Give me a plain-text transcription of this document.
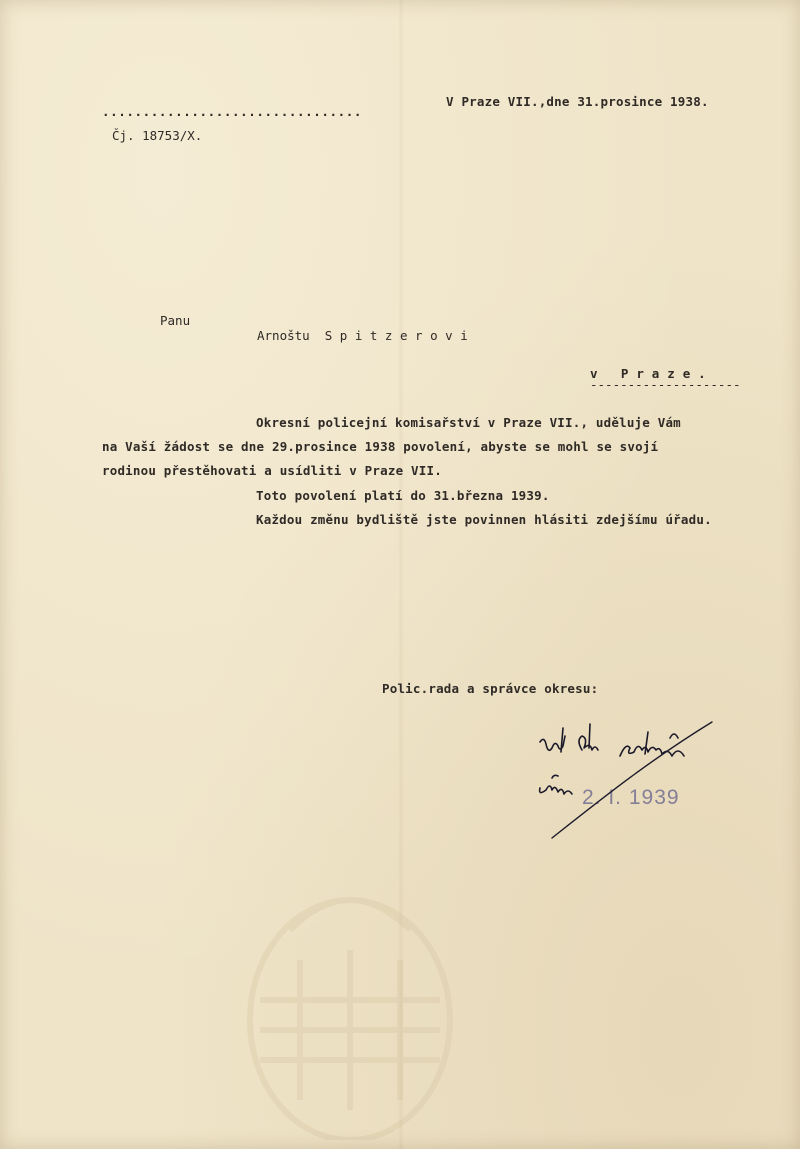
................................
V Praze VII.,dne 31.prosince 1938.
Čj. 18753/X.
Panu
Arnoštu  S p i t z e r o v i
v   P r a z e .
--------------------
Okresní policejní komisařství v Praze VII., uděluje Vám
na Vaší žádost se dne 29.prosince 1938 povolení, abyste se mohl se svojí
rodinou přestěhovati a usídliti v Praze VII.
Toto povolení platí do 31.března 1939.
Každou změnu bydliště jste povinnen hlásiti zdejšímu úřadu.
Polic.rada a správce okresu:
2. I. 1939
